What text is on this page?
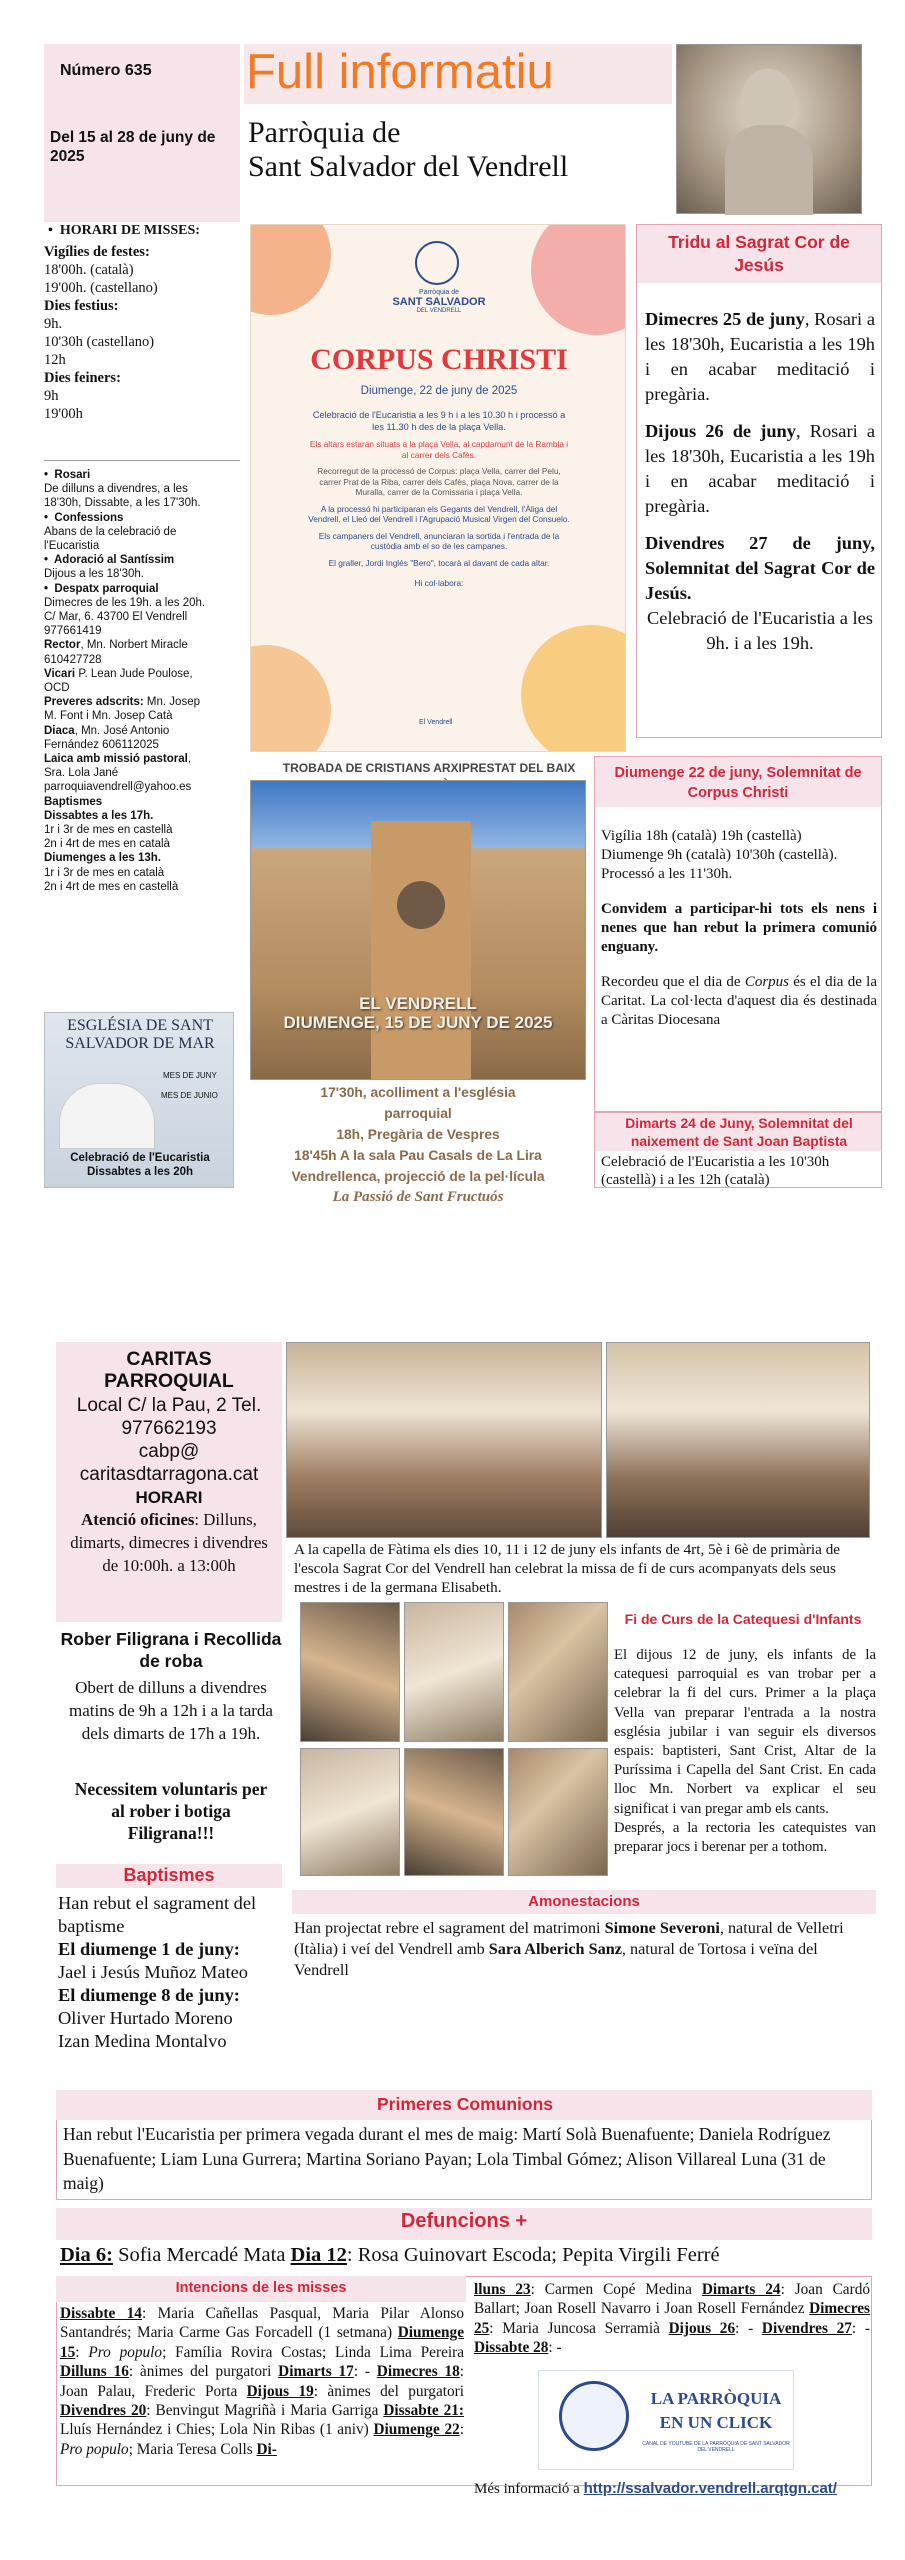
Número 635
Del 15 al 28 de juny de 2025
Full informatiu
Parròquia de
Sant Salvador del Vendrell
•  HORARI DE MISSES:
Vigílies de festes:
18'00h. (català)
19'00h. (castellano)
Dies festius:
9h.
10'30h (castellano)
12h
Dies feiners:
9h
19'00h
•  Rosari
De dilluns a divendres, a les 18'30h, Dissabte, a les 17'30h.
•  Confessions
Abans de la celebració de l'Eucaristia
•  Adoració al Santíssim
Dijous a les 18'30h.
•  Despatx parroquial
Dimecres de les 19h. a les 20h.
C/ Mar, 6. 43700 El Vendrell
977661419
Rector, Mn. Norbert Miracle 610427728
Vicari P. Lean Jude Poulose, OCD
Preveres adscrits: Mn. Josep M. Font i Mn. Josep Catà
Diaca, Mn. José Antonio Fernández 606112025
Laica amb missió pastoral, Sra. Lola Jané
parroquiavendrell@yahoo.es
Baptismes
Dissabtes a les 17h.
1r i 3r de mes en castellà
2n i 4rt de mes en català
Diumenges a les 13h.
1r i 3r de mes en català
2n i 4rt de mes en castellà
ESGLÉSIA DE SANT SALVADOR DE MAR
MES DE JUNY
MES DE JUNIO
Celebració de l'Eucaristia
Dissabtes a les 20h
Parròquia de
SANT SALVADOR
DEL VENDRELL
CORPUS CHRISTI
Diumenge, 22 de juny de 2025

Celebració de l'Eucaristia a les 9 h i a les 10.30 h i processó a les 11.30 h des de la plaça Vella.

Els altars estaran situats a la plaça Vella, al capdamunt de la Rambla i al carrer dels Cafès.

Recorregut de la processó de Corpus: plaça Vella, carrer del Pelu, carrer Prat de la Riba, carrer dels Cafès, plaça Nova, carrer de la Muralla, carrer de la Cornissaria i plaça Vella.

A la processó hi participaran els Gegants del Vendrell, l'Àliga del Vendrell, el Lleó del Vendrell i l'Agrupació Musical Virgen del Consuelo.

Els campaners del Vendrell, anunciaran la sortida i l'entrada de la custòdia amb el so de les campanes.

El graller, Jordi Inglés "Bero", tocarà al davant de cada altar.

Hi col·labora:

El Vendrell
TROBADA DE CRISTIANS ARXIPRESTAT DEL BAIX
EL VENDRELL
DIUMENGE, 15 DE JUNY DE 2025
17'30h, acolliment a l'església
parroquial
18h, Pregària de Vespres
18'45h A la sala Pau Casals de La Lira
Vendrellenca, projecció de la pel·lícula
La Passió de Sant Fructuós
Tridu al Sagrat Cor de Jesús

Dimecres 25 de juny, Rosari a les 18'30h, Eucaristia a les 19h i en acabar meditació i pregària.

Dijous 26 de juny, Rosari a les 18'30h, Eucaristia a les 19h i en acabar meditació i pregària.

Divendres 27 de juny, Solemnitat del Sagrat Cor de Jesús.

Celebració de l'Eucaristia a les 9h. i a les 19h.

Diumenge 22 de juny, Solemnitat de Corpus Christi

Vigília 18h (català) 19h (castellà)

Diumenge 9h (català) 10'30h (castellà).

Processó a les 11'30h.

Convidem a participar-hi tots els nens i nenes que han rebut la primera comunió enguany.

Recordeu que el dia de Corpus és el dia de la Caritat. La col·lecta d'aquest dia és destinada a Càritas Diocesana

Dimarts 24 de Juny, Solemnitat del naixement de Sant Joan Baptista
Celebració de l'Eucaristia a les 10'30h (castellà) i a les 12h (català)
CARITAS
PARROQUIAL
Local C/ la Pau, 2 Tel. 977662193
cabp@ caritasdtarragona.cat
HORARI
Atenció oficines: Dilluns, dimarts, dimecres i divendres de 10:00h. a 13:00h
Rober Filigrana i Recollida de roba
Obert de dilluns a divendres matins de 9h a 12h i a la tarda dels dimarts de 17h a 19h.
Necessitem voluntaris per al rober i botiga Filigrana!!!
Baptismes
Han rebut el sagrament del baptisme
El diumenge 1 de juny:
Jael i Jesús Muñoz Mateo
El diumenge 8 de juny:
Oliver Hurtado Moreno
Izan Medina Montalvo
A la capella de Fàtima els dies 10, 11 i 12 de juny els infants de 4rt, 5è i 6è de primària de l'escola Sagrat Cor del Vendrell han celebrat la missa de fi de curs acompanyats dels seus mestres i de la germana Elisabeth.
Fi de Curs de la Catequesi d'Infants

El dijous 12 de juny, els infants de la catequesi parroquial es van trobar per a celebrar la fi del curs. Primer a la plaça Vella van preparar l'entrada a la nostra església jubilar i van seguir els diversos espais: baptisteri, Sant Crist, Altar de la Puríssima i Capella del Sant Crist. En cada lloc Mn. Norbert va explicar el seu significat i van pregar amb els cants.

Després, a la rectoria les catequistes van preparar jocs i berenar per a tothom.

Amonestacions
Han projectat rebre el sagrament del matrimoni Simone Severoni, natural de Velletri (Itàlia) i veí del Vendrell amb Sara Alberich Sanz, natural de Tortosa i veïna del Vendrell
Primeres Comunions
Han rebut l'Eucaristia per primera vegada durant el mes de maig: Martí Solà Buenafuente; Daniela Rodríguez Buenafuente; Liam Luna Gurrera; Martina Soriano Payan; Lola Timbal Gómez; Alison Villareal Luna (31 de maig)
Defuncions +
Dia 6: Sofia Mercadé Mata Dia 12: Rosa Guinovart Escoda; Pepita Virgili Ferré
Intencions de les misses
Dissabte 14: Maria Cañellas Pasqual, Maria Pilar Alonso Santandrés; Maria Carme Gas Forcadell (1 setmana) Diumenge 15: Pro populo; Família Rovira Costas; Linda Lima Pereira Dilluns 16: ànimes del purgatori Dimarts 17: - Dimecres 18: Joan Palau, Frederic Porta Dijous 19: ànimes del purgatori Divendres 20: Benvingut Magriñà i Maria Garriga Dissabte 21: Lluís Hernández i Chies; Lola Nin Ribas (1 aniv) Diumenge 22: Pro populo; Maria Teresa Colls Di-
lluns 23: Carmen Copé Medina Dimarts 24: Joan Cardó Ballart; Joan Rosell Navarro i Joan Rosell Fernández Dimecres 25: Maria Juncosa Serramià Dijous 26: - Divendres 27: - Dissabte 28: -
LA PARRÒQUIA
EN UN CLICK
CANAL DE YOUTUBE DE LA PARRÒQUIA DE SANT SALVADOR DEL VENDRELL
Més informació a http://ssalvador.vendrell.arqtgn.cat/
